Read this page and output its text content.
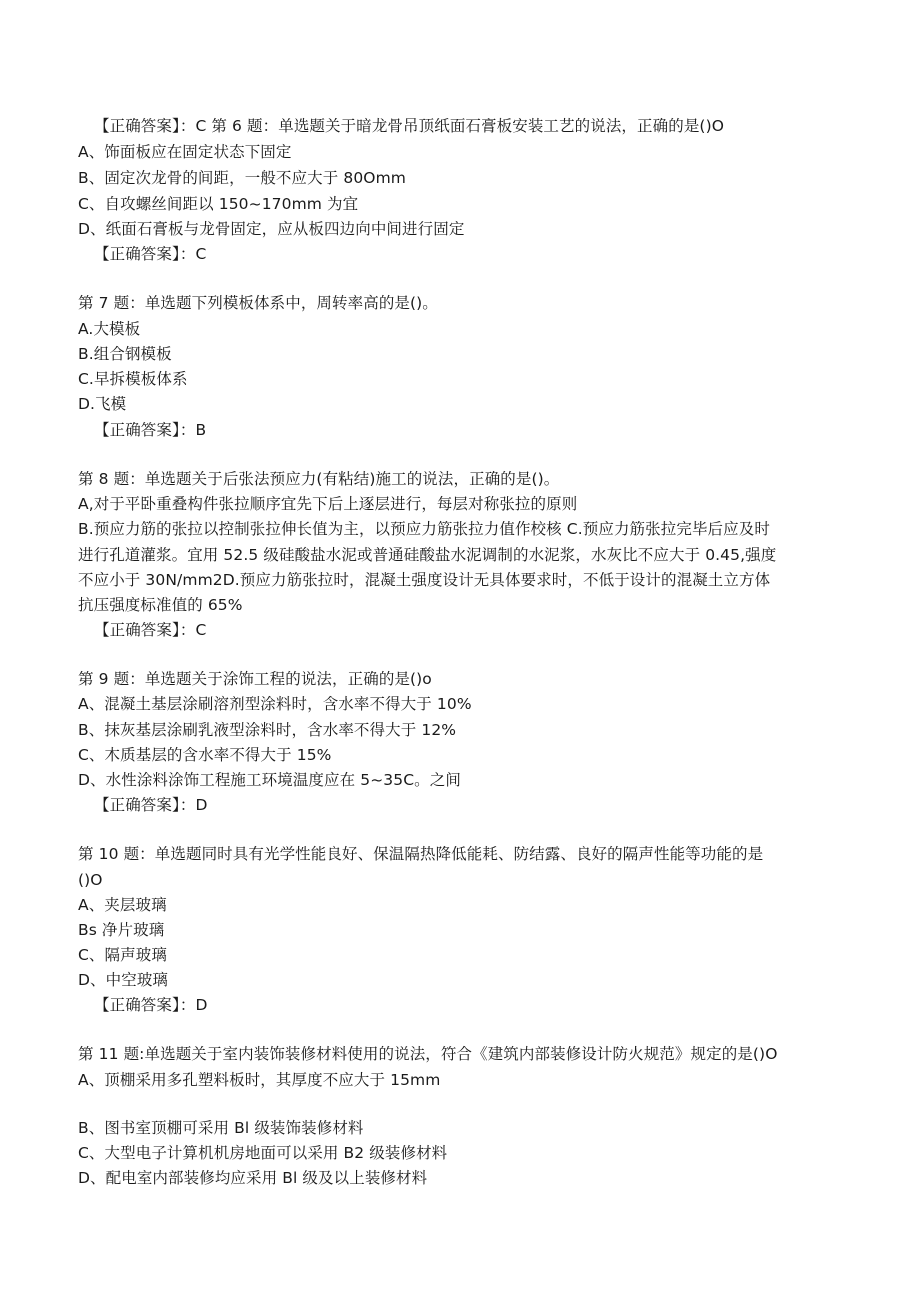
【正确答案】：C 第 6 题：单选题关于暗龙骨吊顶纸面石膏板安装工艺的说法，正确的是()O
A、饰面板应在固定状态下固定
B、固定次龙骨的间距，一般不应大于 80Omm
C、自攻螺丝间距以 150~170mm 为宜
D、纸面石膏板与龙骨固定，应从板四边向中间进行固定
【正确答案】：C
第 7 题：单选题下列模板体系中，周转率高的是()。
A.大模板
B.组合钢模板
C.早拆模板体系
D.飞模
【正确答案】：B
第 8 题：单选题关于后张法预应力(有粘结)施工的说法，正确的是()。
A,对于平卧重叠构件张拉顺序宜先下后上逐层进行，每层对称张拉的原则
B.预应力筋的张拉以控制张拉伸长值为主，以预应力筋张拉力值作校核 C.预应力筋张拉完毕后应及时
进行孔道灌浆。宜用 52.5 级硅酸盐水泥或普通硅酸盐水泥调制的水泥浆，水灰比不应大于 0.45,强度
不应小于 30N/mm2D.预应力筋张拉时，混凝土强度设计无具体要求时，不低于设计的混凝土立方体
抗压强度标准值的 65%
【正确答案】：C
第 9 题：单选题关于涂饰工程的说法，正确的是()o
A、混凝土基层涂刷溶剂型涂料时，含水率不得大于 10%
B、抹灰基层涂刷乳液型涂料时，含水率不得大于 12%
C、木质基层的含水率不得大于 15%
D、水性涂料涂饰工程施工环境温度应在 5~35C。之间
【正确答案】：D
第 10 题：单选题同时具有光学性能良好、保温隔热降低能耗、防结露、良好的隔声性能等功能的是
()O
A、夹层玻璃
Bs 净片玻璃
C、隔声玻璃
D、中空玻璃
【正确答案】：D
第 11 题:单选题关于室内装饰装修材料使用的说法，符合《建筑内部装修设计防火规范》规定的是()O
A、顶棚采用多孔塑料板时，其厚度不应大于 15mm
B、图书室顶棚可采用 Bl 级装饰装修材料
C、大型电子计算机机房地面可以采用 B2 级装修材料
D、配电室内部装修均应采用 Bl 级及以上装修材料
